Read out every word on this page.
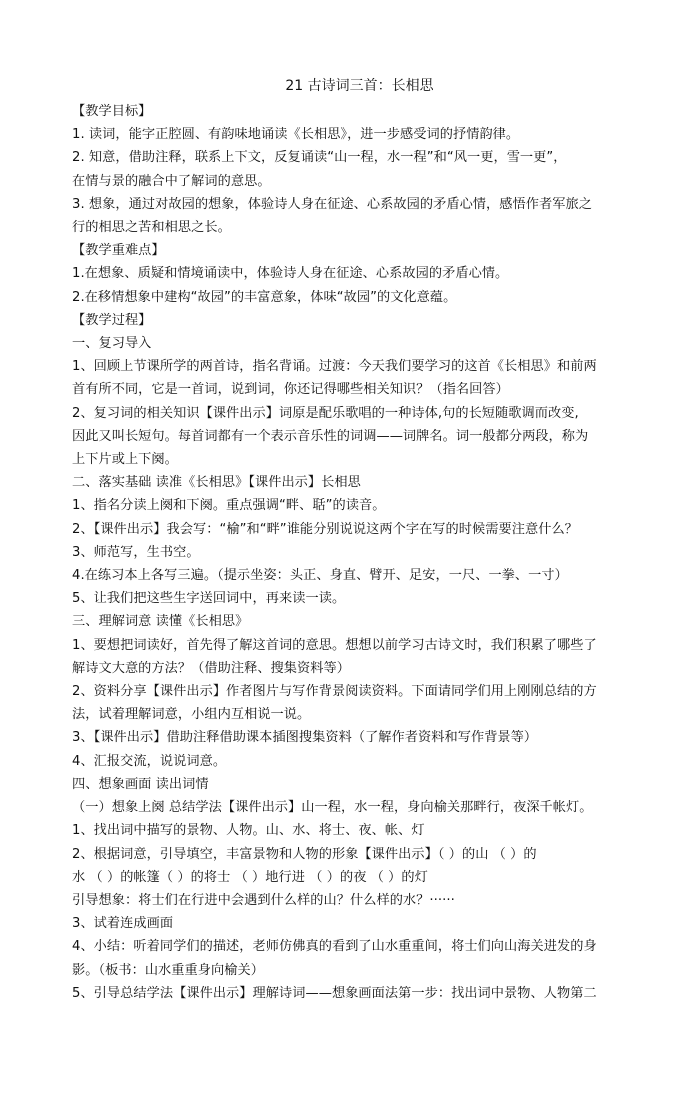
21 古诗词三首：长相思
【教学目标】
1. 读词，能字正腔圆、有韵味地诵读《长相思》，进一步感受词的抒情韵律。
2. 知意，借助注释，联系上下文，反复诵读“山一程，水一程”和“风一更，雪一更”，
在情与景的融合中了解词的意思。
3. 想象，通过对故园的想象，体验诗人身在征途、心系故园的矛盾心情，感悟作者军旅之
行的相思之苦和相思之长。
【教学重难点】
1.在想象、质疑和情境诵读中，体验诗人身在征途、心系故园的矛盾心情。
2.在移情想象中建构“故园”的丰富意象，体味“故园”的文化意蕴。
【教学过程】
一、复习导入
1、回顾上节课所学的两首诗，指名背诵。过渡：今天我们要学习的这首《长相思》和前两
首有所不同，它是一首词，说到词，你还记得哪些相关知识？（指名回答）
2、复习词的相关知识【课件出示】词原是配乐歌唱的一种诗体,句的长短随歌调而改变,
因此又叫长短句。每首词都有一个表示音乐性的词调——词牌名。词一般都分两段，称为
上下片或上下阕。
二、落实基础 读准《长相思》【课件出示】长相思
1、指名分读上阕和下阕。重点强调“畔、聒”的读音。
2、【课件出示】我会写：“榆”和“畔”谁能分别说说这两个字在写的时候需要注意什么？
3、师范写，生书空。
4.在练习本上各写三遍。（提示坐姿：头正、身直、臂开、足安，一尺、一拳、一寸）
5、让我们把这些生字送回词中，再来读一读。
三、理解词意 读懂《长相思》
1、要想把词读好，首先得了解这首词的意思。想想以前学习古诗文时，我们积累了哪些了
解诗文大意的方法？（借助注释、搜集资料等）
2、资料分享【课件出示】作者图片与写作背景阅读资料。下面请同学们用上刚刚总结的方
法，试着理解词意，小组内互相说一说。
3、【课件出示】借助注释借助课本插图搜集资料（了解作者资料和写作背景等）
4、汇报交流，说说词意。
四、想象画面 读出词情
（一）想象上阕 总结学法【课件出示】山一程，水一程，身向榆关那畔行，夜深千帐灯。
1、找出词中描写的景物、人物。山、水、将士、夜、帐、灯
2、根据词意，引导填空，丰富景物和人物的形象【课件出示】（ ）的山 （ ）的
水 （ ）的帐篷（ ）的将士 （ ）地行进 （ ）的夜 （ ）的灯
引导想象：将士们在行进中会遇到什么样的山？什么样的水？······
3、试着连成画面
4、小结：听着同学们的描述，老师仿佛真的看到了山水重重间，将士们向山海关进发的身
影。（板书：山水重重身向榆关）
5、引导总结学法【课件出示】理解诗词——想象画面法第一步：找出词中景物、人物第二
